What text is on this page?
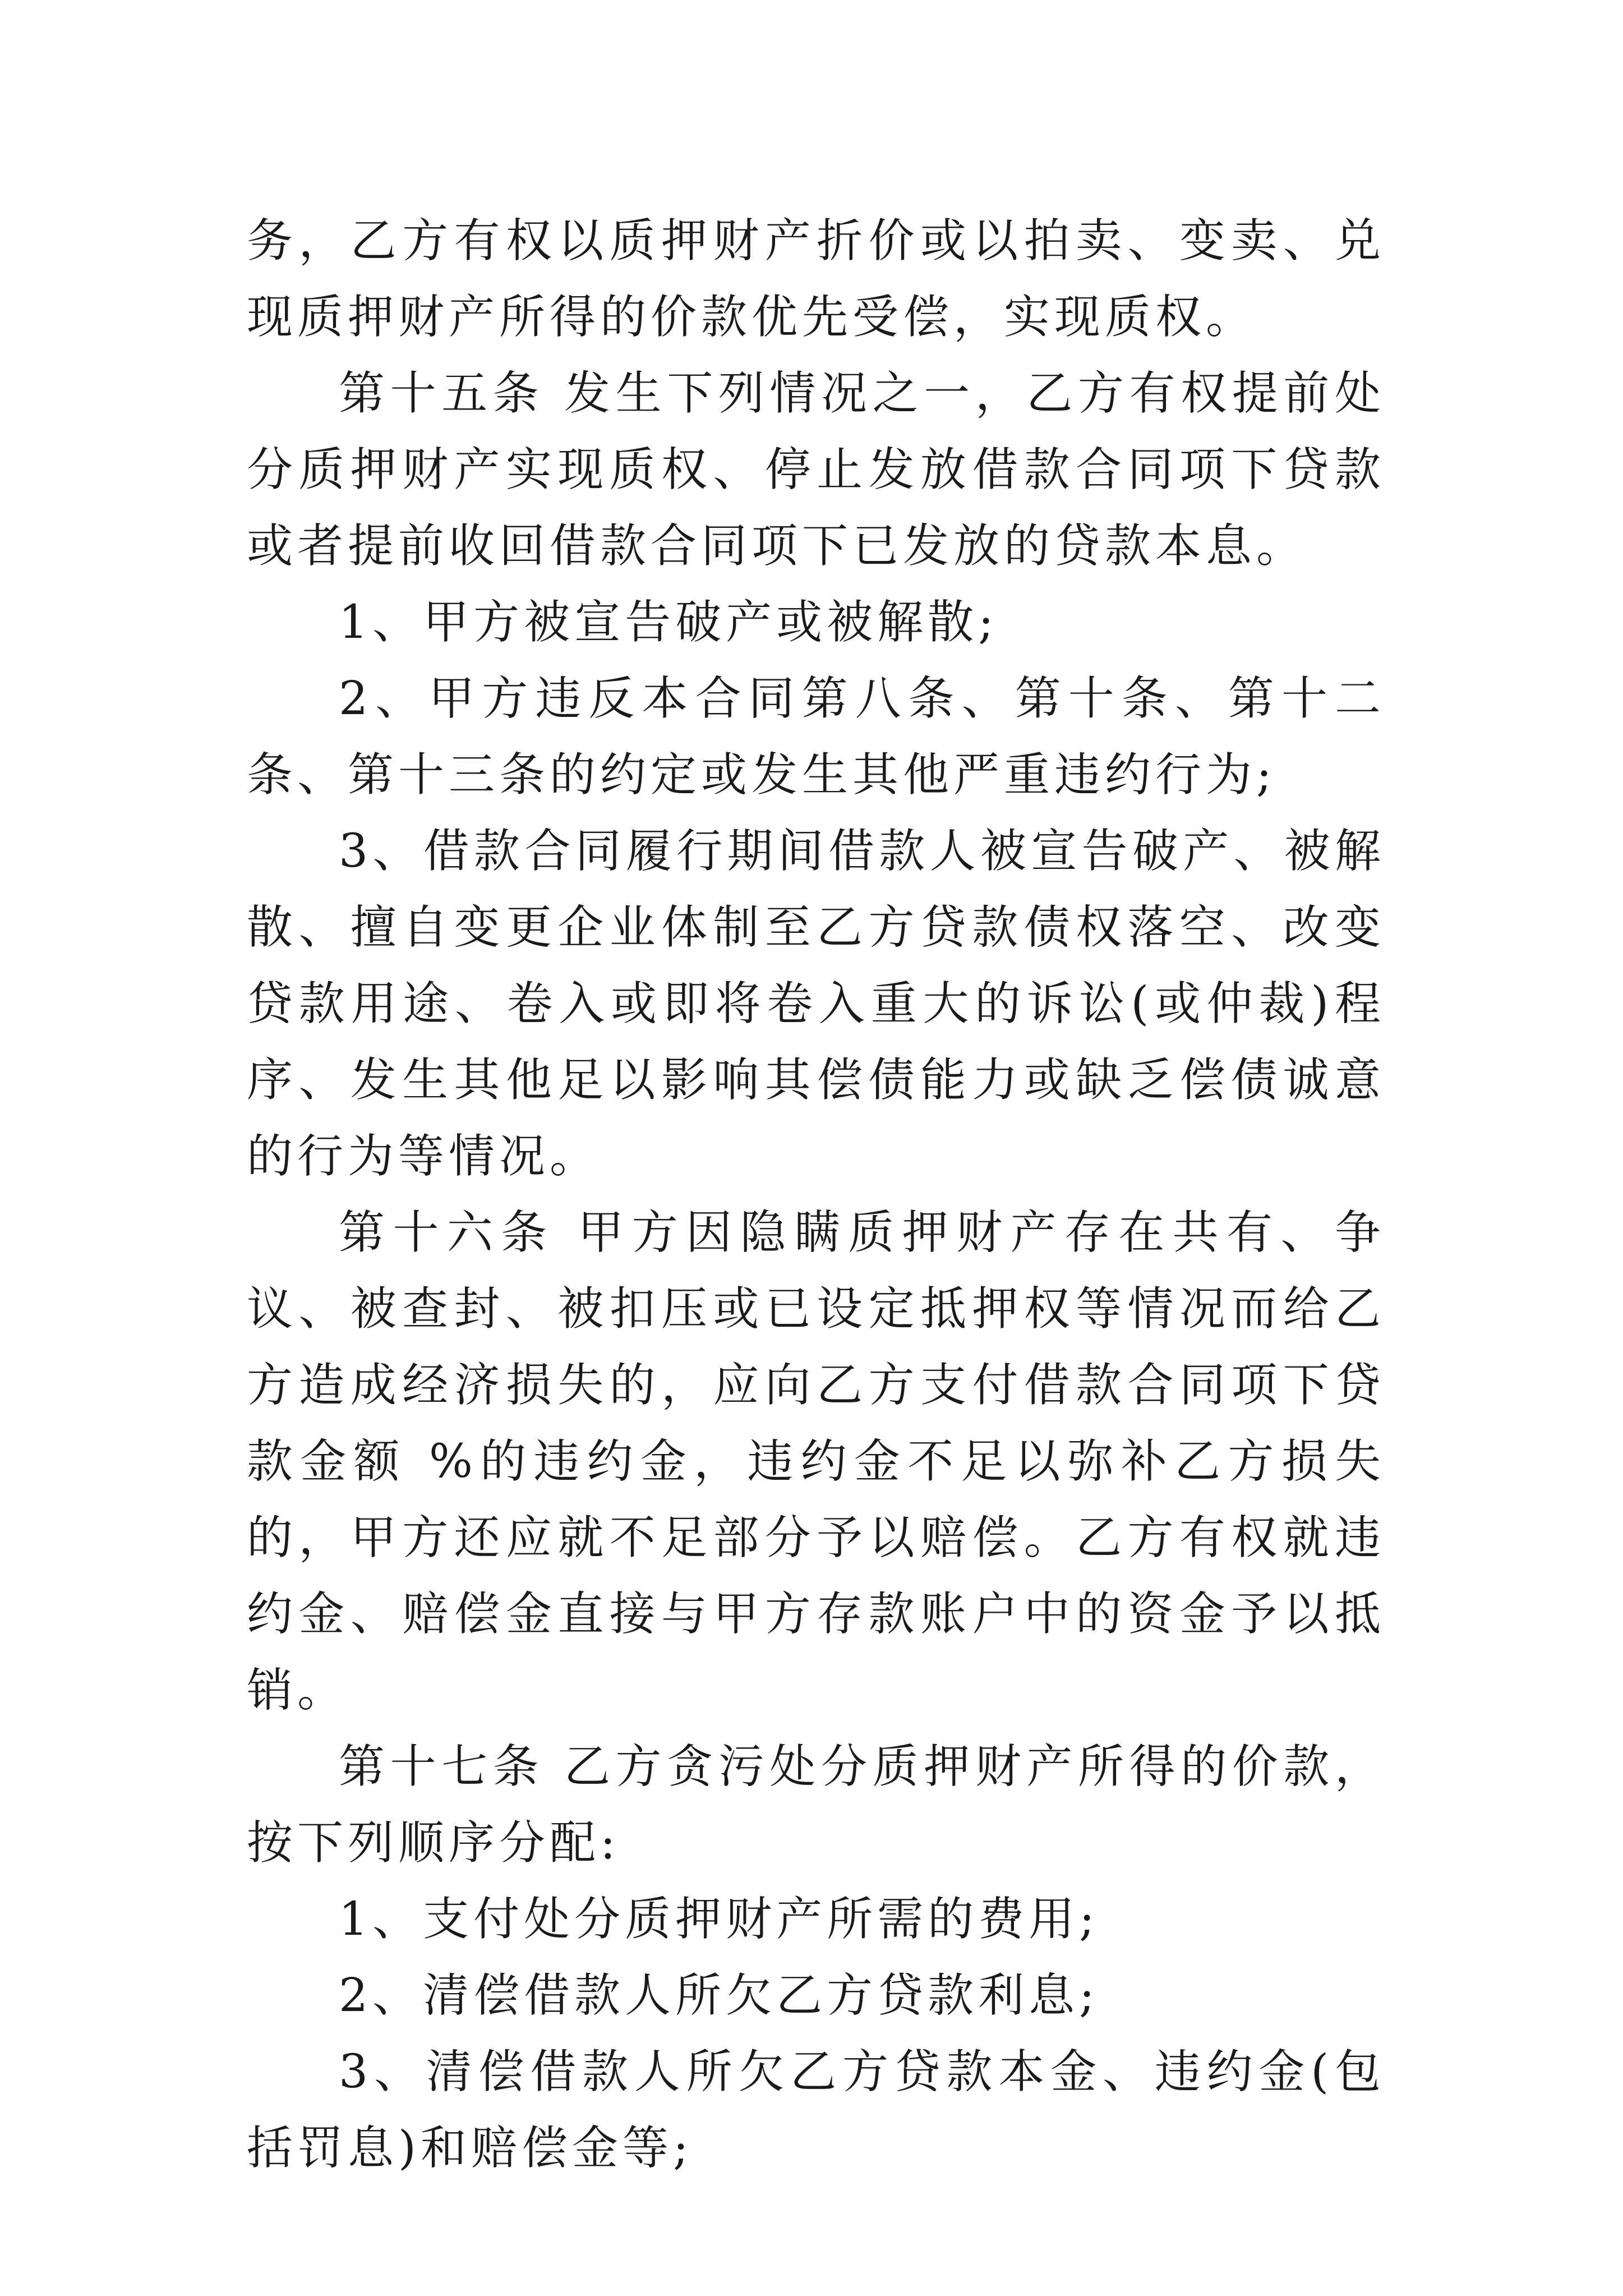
务，乙方有权以质押财产折价或以拍卖、变卖、兑现质押财产所得的价款优先受偿，实现质权。

第十五条 发生下列情况之一，乙方有权提前处分质押财产实现质权、停止发放借款合同项下贷款或者提前收回借款合同项下已发放的贷款本息。

1、甲方被宣告破产或被解散;

2、甲方违反本合同第八条、第十条、第十二条、第十三条的约定或发生其他严重违约行为;

3、借款合同履行期间借款人被宣告破产、被解散、擅自变更企业体制至乙方贷款债权落空、改变贷款用途、卷入或即将卷入重大的诉讼(或仲裁)程序、发生其他足以影响其偿债能力或缺乏偿债诚意的行为等情况。

第十六条 甲方因隐瞒质押财产存在共有、争议、被查封、被扣压或已设定抵押权等情况而给乙方造成经济损失的，应向乙方支付借款合同项下贷款金额 %的违约金，违约金不足以弥补乙方损失的，甲方还应就不足部分予以赔偿。乙方有权就违约金、赔偿金直接与甲方存款账户中的资金予以抵销。

第十七条 乙方贪污处分质押财产所得的价款，按下列顺序分配:

1、支付处分质押财产所需的费用;

2、清偿借款人所欠乙方贷款利息;

3、清偿借款人所欠乙方贷款本金、违约金(包括罚息)和赔偿金等;
